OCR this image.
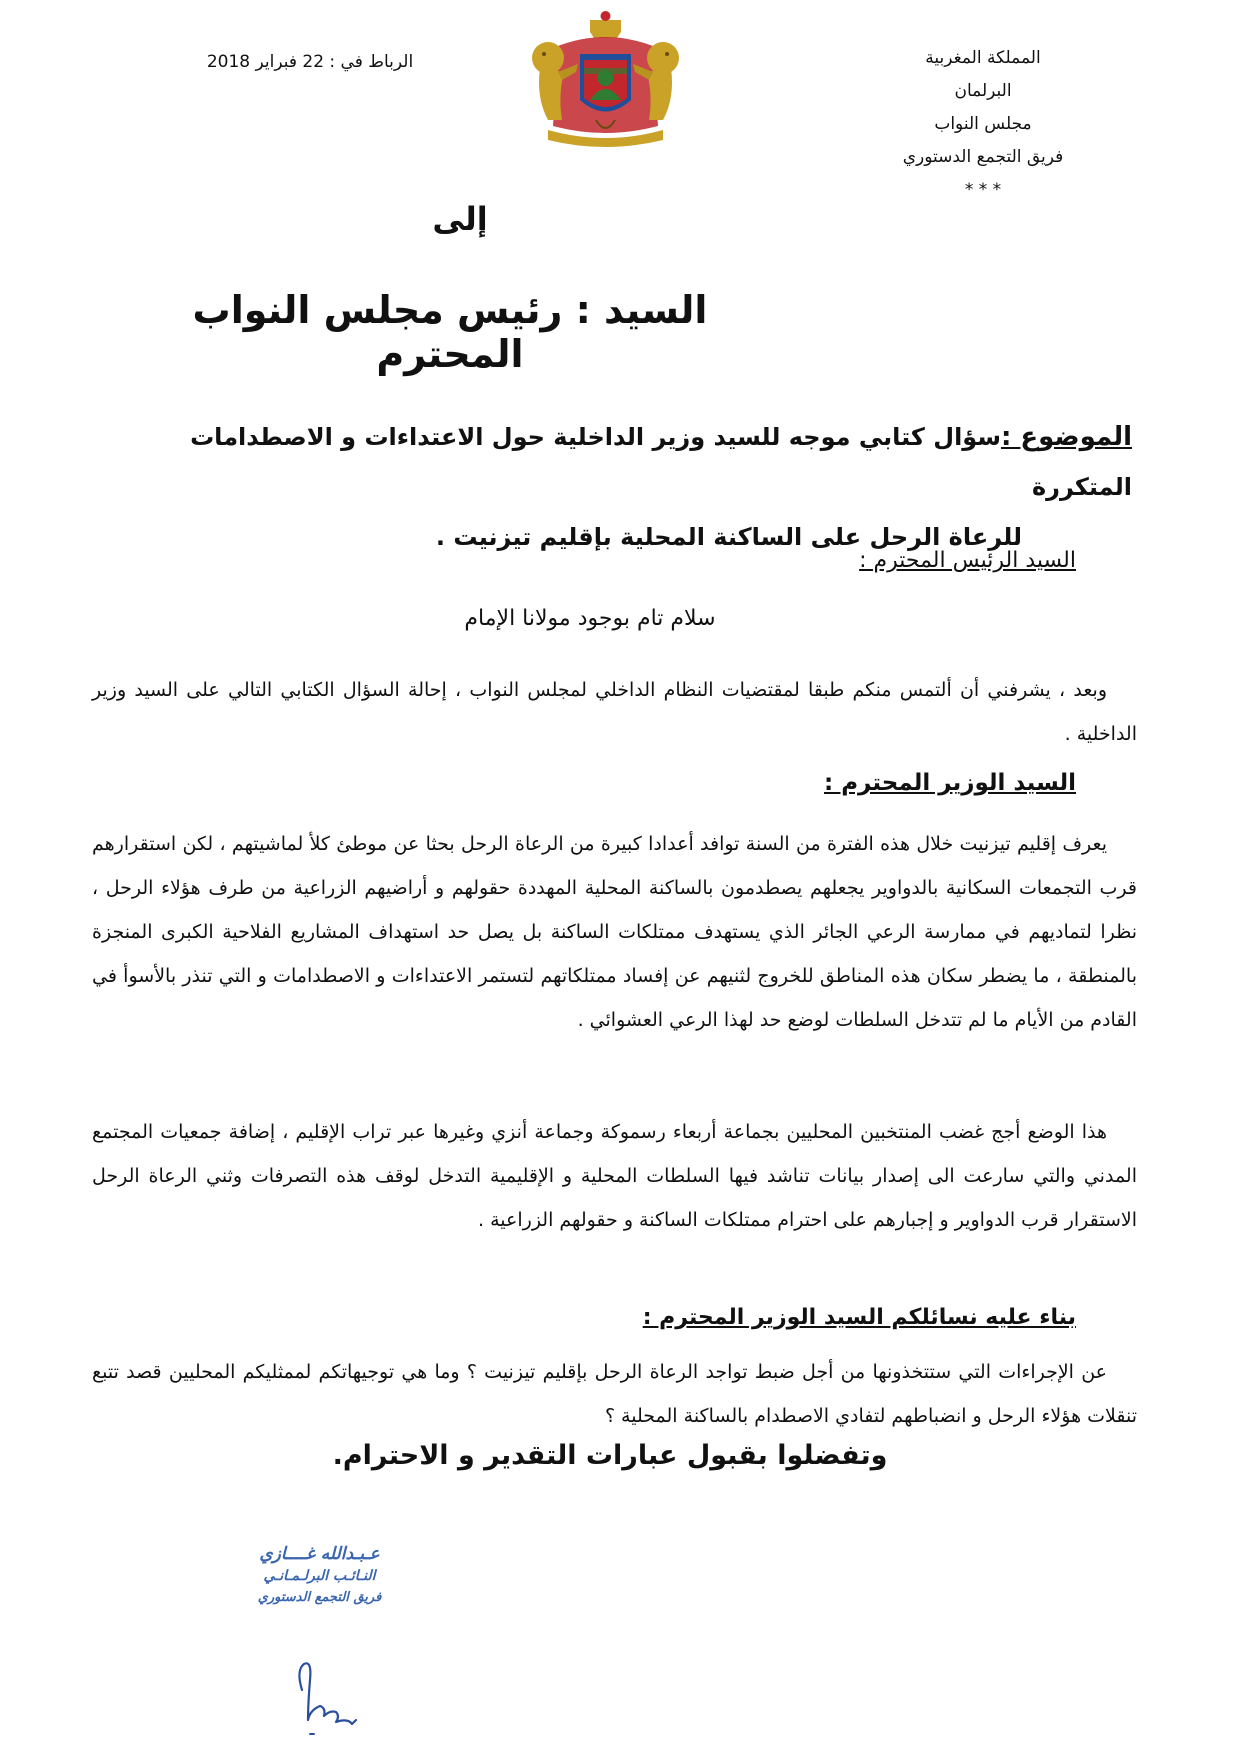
المملكة المغربية
البرلمان
مجلس النواب
فريق التجمع الدستوري
* * *
الرباط في : 22 فبراير 2018
إلى
السيد : رئيس مجلس النواب المحترم
الموضوع :سؤال كتابي موجه للسيد وزير الداخلية حول الاعتداءات و الاصطدامات المتكررة
للرعاة الرحل على الساكنة المحلية بإقليم تيزنيت .
السيد الرئيس المحترم :
سلام تام بوجود مولانا الإمام
وبعد ، يشرفني أن ألتمس منكم طبقا لمقتضيات النظام الداخلي لمجلس النواب ، إحالة السؤال الكتابي التالي على السيد وزير الداخلية .
السيد الوزير المحترم :
يعرف إقليم تيزنيت خلال هذه الفترة من السنة توافد أعدادا كبيرة من الرعاة الرحل بحثا عن موطئ كلأ لماشيتهم ، لكن استقرارهم قرب التجمعات السكانية بالدواوير يجعلهم يصطدمون بالساكنة المحلية المهددة حقولهم و أراضيهم الزراعية من طرف هؤلاء الرحل ، نظرا لتماديهم في ممارسة الرعي الجائر الذي يستهدف ممتلكات الساكنة بل يصل حد استهداف المشاريع الفلاحية الكبرى المنجزة بالمنطقة ، ما يضطر سكان هذه المناطق للخروج لثنيهم عن إفساد ممتلكاتهم لتستمر الاعتداءات و الاصطدامات و التي تنذر بالأسوأ في القادم من الأيام ما لم تتدخل السلطات لوضع حد لهذا الرعي العشوائي .
هذا الوضع أجج غضب المنتخبين المحليين بجماعة أربعاء رسموكة وجماعة أنزي وغيرها عبر تراب الإقليم ، إضافة جمعيات المجتمع المدني والتي سارعت الى إصدار بيانات تناشد فيها السلطات المحلية و الإقليمية التدخل لوقف هذه التصرفات وثني الرعاة الرحل الاستقرار قرب الدواوير و إجبارهم على احترام ممتلكات الساكنة و حقولهم الزراعية .
بناء عليه نسائلكم السيد الوزير المحترم :
عن الإجراءات التي ستتخذونها من أجل ضبط تواجد الرعاة الرحل بإقليم تيزنيت ؟ وما هي توجيهاتكم لممثليكم المحليين قصد تتبع تنقلات هؤلاء الرحل و انضباطهم لتفادي الاصطدام بالساكنة المحلية ؟
وتفضلوا بقبول عبارات التقدير و الاحترام.
عـبـدالله غــــازي
النـائـب البرلـمـانـي
فريق التجمع الدستوري
